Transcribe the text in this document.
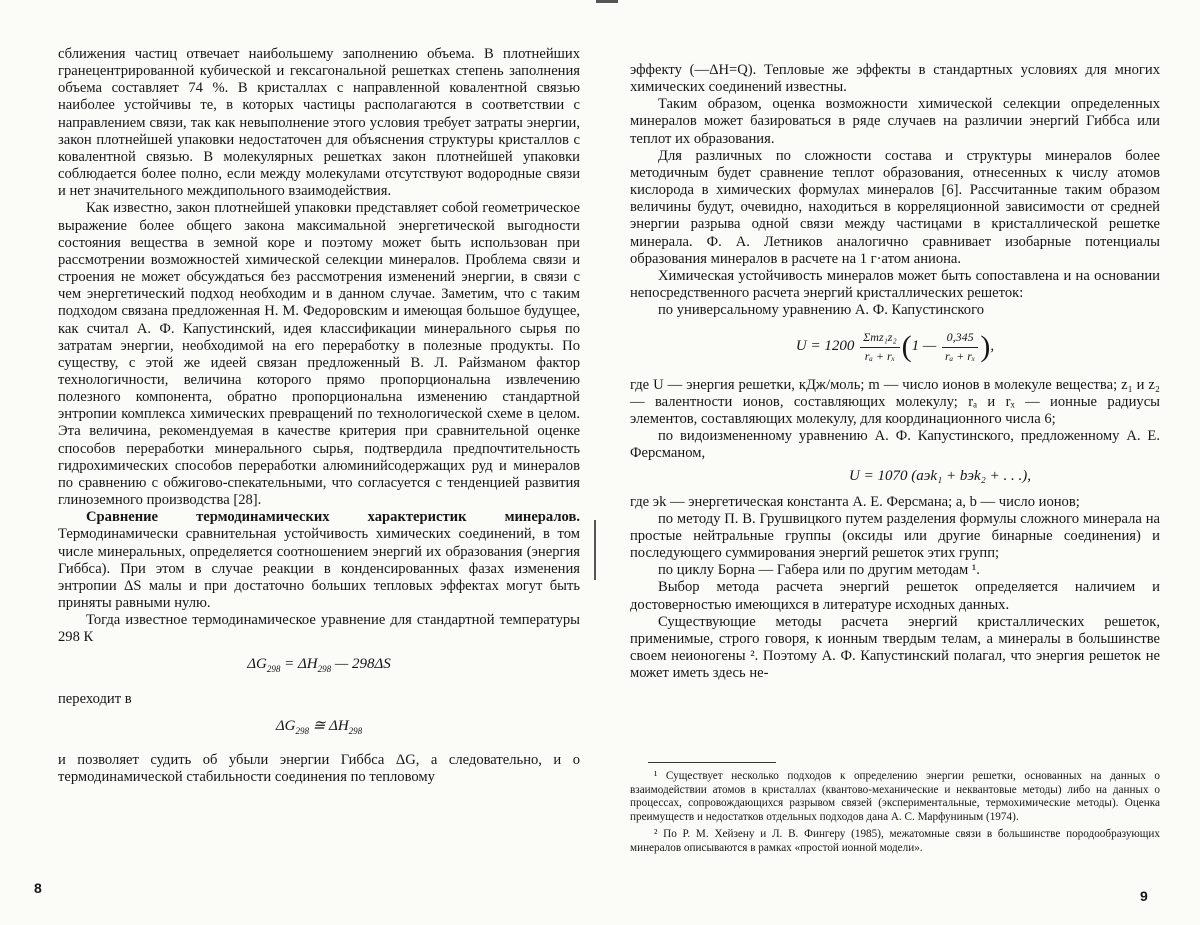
сближения частиц отвечает наибольшему заполнению объема. В плотнейших гранецентрированной кубической и гексагональной решетках степень заполнения объема составляет 74 %. В кристаллах с направленной ковалентной связью наиболее устойчивы те, в которых частицы располагаются в соответствии с направлением связи, так как невыполнение этого условия требует затраты энергии, закон плотнейшей упаковки недостаточен для объяснения структуры кристаллов с ковалентной связью. В молекулярных решетках закон плотнейшей упаковки соблюдается более полно, если между молекулами отсутствуют водородные связи и нет значительного междипольного взаимодействия.

Как известно, закон плотнейшей упаковки представляет собой геометрическое выражение более общего закона максимальной энергетической выгодности состояния вещества в земной коре и поэтому может быть использован при рассмотрении возможностей химической селекции минералов. Проблема связи и строения не может обсуждаться без рассмотрения изменений энергии, в связи с чем энергетический подход необходим и в данном случае. Заметим, что с таким подходом связана предложенная Н. М. Федоровским и имеющая большое будущее, как считал А. Ф. Капустинский, идея классификации минерального сырья по затратам энергии, необходимой на его переработку в полезные продукты. По существу, с этой же идеей связан предложенный В. Л. Райзманом фактор технологичности, величина которого прямо пропорциональна извлечению полезного компонента, обратно пропорциональна изменению стандартной энтропии комплекса химических превращений по технологической схеме в целом. Эта величина, рекомендуемая в качестве критерия при сравнительной оценке способов переработки минерального сырья, подтвердила предпочтительность гидрохимических способов переработки алюминийсодержащих руд и минералов по сравнению с обжигово-спекательными, что согласуется с тенденцией развития глиноземного производства [28].

Сравнение термодинамических характеристик минералов. Термодинамически сравнительная устойчивость химических соединений, в том числе минеральных, определяется соотношением энергий их образования (энергия Гиббса). При этом в случае реакции в конденсированных фазах изменения энтропии ΔS малы и при достаточно больших тепловых эффектах могут быть приняты равными нулю.

Тогда известное термодинамическое уравнение для стандартной температуры 298 К

$\Delta G_{298} = \Delta H_{298}$ — 298ΔS

переходит в

$\Delta G_{298}$ ≅ $\Delta H_{298}$

и позволяет судить об убыли энергии Гиббса ΔG, а следовательно, и о термодинамической стабильности соединения по тепловому

8

эффекту (—ΔH=Q). Тепловые же эффекты в стандартных условиях для многих химических соединений известны.

Таким образом, оценка возможности химической селекции определенных минералов может базироваться в ряде случаев на различии энергий Гиббса или теплот их образования.

Для различных по сложности состава и структуры минералов более методичным будет сравнение теплот образования, отнесенных к числу атомов кислорода в химических формулах минералов [6]. Рассчитанные таким образом величины будут, очевидно, находиться в корреляционной зависимости от средней энергии разрыва одной связи между частицами в кристаллической решетке минерала. Ф. А. Летников аналогично сравнивает изобарные потенциалы образования минералов в расчете на 1 г·атом аниона.

Химическая устойчивость минералов может быть сопоставлена и на основании непосредственного расчета энергий кристаллических решеток:

по универсальному уравнению А. Ф. Капустинского

$U = 1200 \frac{\text{Σmz₁z₂}}{\text{rₐ + rₓ}} (1$ — $\frac{0,345}{\text{rₐ + rₓ}}$ ),

где U — энергия решетки, кДж/моль; m — число ионов в молекуле вещества; z₁ и z₂ — валентности ионов, составляющих молекулу; rₐ и rₓ — ионные радиусы элементов, составляющих молекулу, для координационного числа 6;

по видоизмененному уравнению А. Ф. Капустинского, предложенному А. Е. Ферсманом,

U = 1070 (aэk₁ + bэk₂ + . . .),

где эk — энергетическая константа А. Е. Ферсмана; a, b — число ионов;

по методу П. В. Грушвицкого путем разделения формулы сложного минерала на простые нейтральные группы (оксиды или другие бинарные соединения) и последующего суммирования энергий решеток этих групп;

по циклу Борна — Габера или по другим методам ¹.

Выбор метода расчета энергий решеток определяется наличием и достоверностью имеющихся в литературе исходных данных.

Существующие методы расчета энергий кристаллических решеток, применимые, строго говоря, к ионным твердым телам, а минералы в большинстве своем неионогены ². Поэтому А. Ф. Капустинский полагал, что энергия решеток не может иметь здесь не-

¹ Существует несколько подходов к определению энергии решетки, основанных на данных о взаимодействии атомов в кристаллах (квантово-механические и неквантовые методы) либо на данных о процессах, сопровождающихся разрывом связей (экспериментальные, термохимические методы). Оценка преимуществ и недостатков отдельных подходов дана А. С. Марфуниным (1974).

² По Р. М. Хейзену и Л. В. Фингеру (1985), межатомные связи в большинстве породообразующих минералов описываются в рамках «простой ионной модели».

9
